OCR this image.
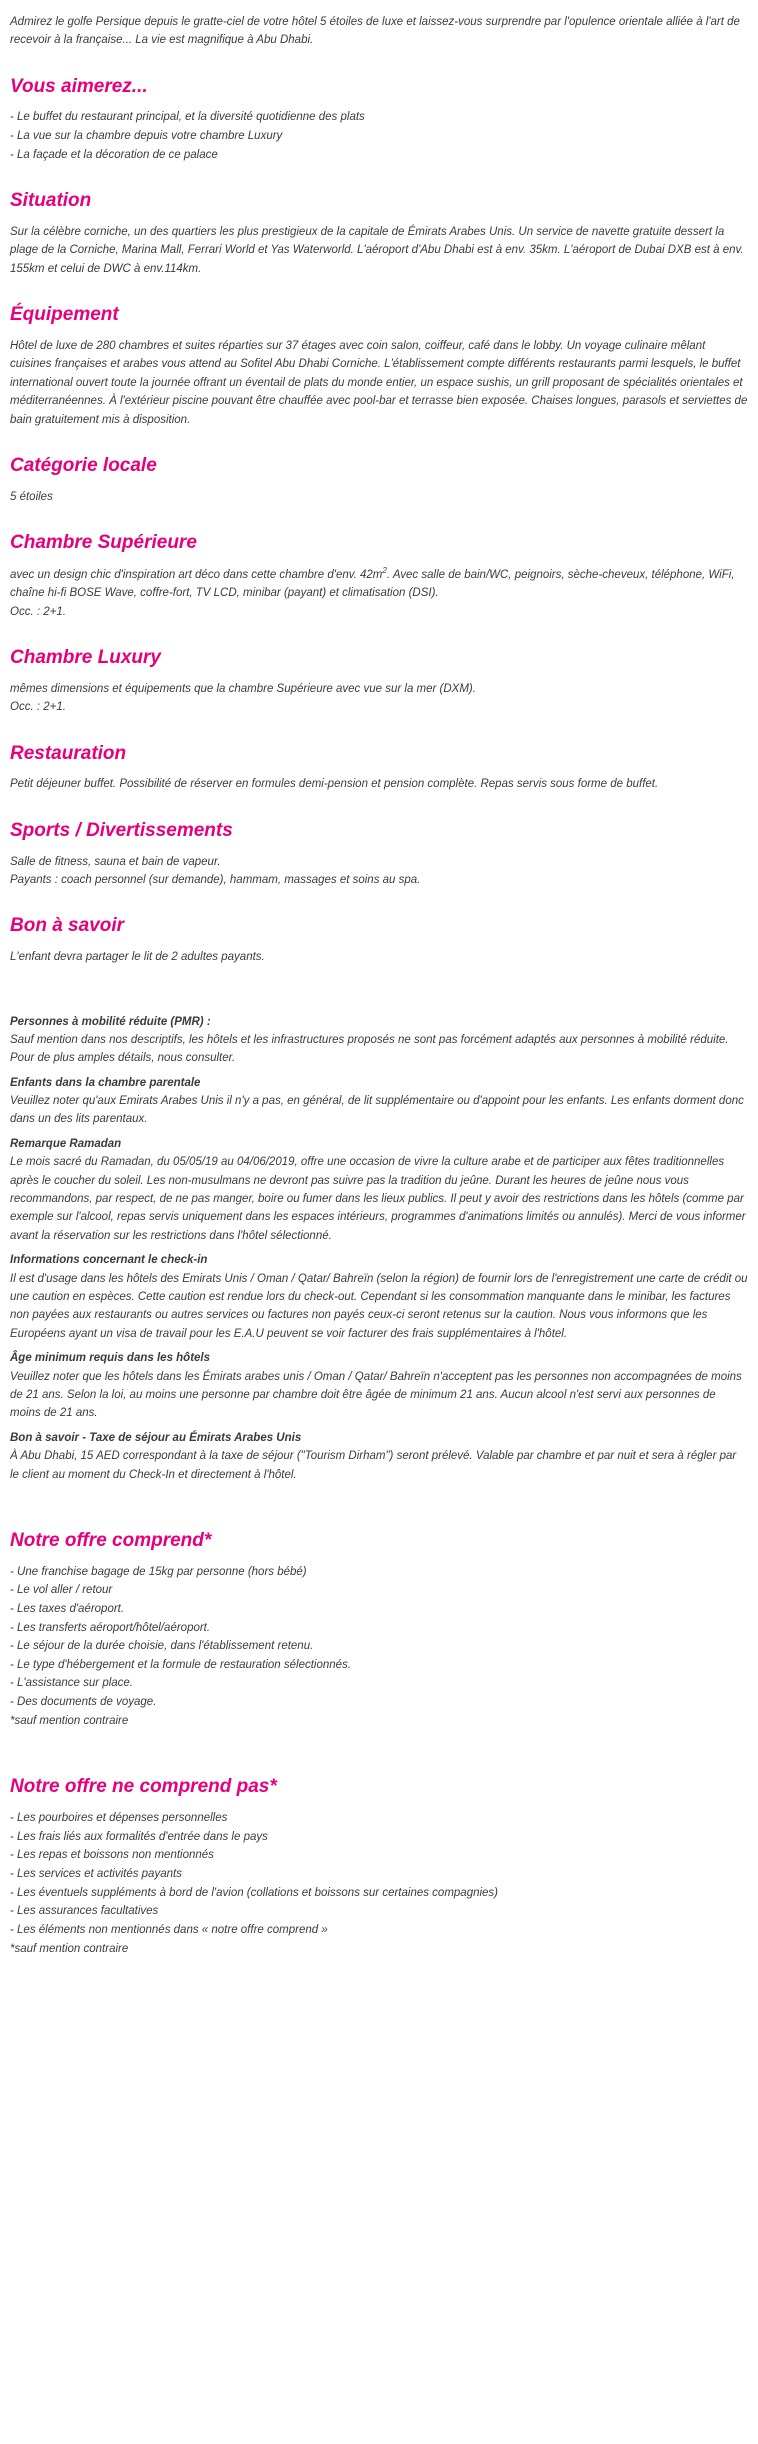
Admirez le golfe Persique depuis le gratte-ciel de votre hôtel 5 étoiles de luxe et laissez-vous surprendre par l'opulence orientale alliée à l'art de recevoir à la française... La vie est magnifique à Abu Dhabi.

Vous aimerez...
- Le buffet du restaurant principal, et la diversité quotidienne des plats
- La vue sur la chambre depuis votre chambre Luxury
- La façade et la décoration de ce palace
Situation

Sur la célèbre corniche, un des quartiers les plus prestigieux de la capitale de Émirats Arabes Unis. Un service de navette gratuite dessert la plage de la Corniche, Marina Mall, Ferrari World et Yas Waterworld. L'aéroport d'Abu Dhabi est à env. 35km. L'aéroport de Dubai DXB est à env. 155km et celui de DWC à env.114km.

Équipement

Hôtel de luxe de 280 chambres et suites réparties sur 37 étages avec coin salon, coiffeur, café dans le lobby. Un voyage culinaire mêlant cuisines françaises et arabes vous attend au Sofitel Abu Dhabi Corniche. L'établissement compte différents restaurants parmi lesquels, le buffet international ouvert toute la journée offrant un éventail de plats du monde entier, un espace sushis, un grill proposant de spécialités orientales et méditerranéennes. À l'extérieur piscine pouvant être chauffée avec pool-bar et terrasse bien exposée. Chaises longues, parasols et serviettes de bain gratuitement mis à disposition.

Catégorie locale

5 étoiles

Chambre Supérieure

avec un design chic d'inspiration art déco dans cette chambre d'env. $42m^2$. Avec salle de bain/WC, peignoirs, sèche-cheveux, téléphone, WiFi, chaîne hi-fi BOSE Wave, coffre-fort, TV LCD, minibar (payant) et climatisation (DSI).

Occ. : 2+1.

Chambre Luxury

mêmes dimensions et équipements que la chambre Supérieure avec vue sur la mer (DXM).

Occ. : 2+1.

Restauration

Petit déjeuner buffet. Possibilité de réserver en formules demi-pension et pension complète. Repas servis sous forme de buffet.

Sports / Divertissements

Salle de fitness, sauna et bain de vapeur.

Payants : coach personnel (sur demande), hammam, massages et soins au spa.

Bon à savoir

L'enfant devra partager le lit de 2 adultes payants.

Personnes à mobilité réduite (PMR) :
Sauf mention dans nos descriptifs, les hôtels et les infrastructures proposés ne sont pas forcément adaptés aux personnes à mobilité réduite. Pour de plus amples détails, nous consulter.
Enfants dans la chambre parentale
Veuillez noter qu'aux Emirats Arabes Unis il n'y a pas, en général, de lit supplémentaire ou d'appoint pour les enfants. Les enfants dorment donc dans un des lits parentaux.
Remarque Ramadan
Le mois sacré du Ramadan, du 05/05/19 au 04/06/2019, offre une occasion de vivre la culture arabe et de participer aux fêtes traditionnelles après le coucher du soleil. Les non-musulmans ne devront pas suivre pas la tradition du jeûne. Durant les heures de jeûne nous vous recommandons, par respect, de ne pas manger, boire ou fumer dans les lieux publics. Il peut y avoir des restrictions dans les hôtels (comme par exemple sur l'alcool, repas servis uniquement dans les espaces intérieurs, programmes d'animations limités ou annulés). Merci de vous informer avant la réservation sur les restrictions dans l'hôtel sélectionné.
Informations concernant le check-in
Il est d'usage dans les hôtels des Emirats Unis / Oman / Qatar/ Bahreïn (selon la région) de fournir lors de l'enregistrement une carte de crédit ou une caution en espèces. Cette caution est rendue lors du check-out. Cependant si les consommation manquante dans le minibar, les factures non payées aux restaurants ou autres services ou factures non payés ceux-ci seront retenus sur la caution. Nous vous informons que les Européens ayant un visa de travail pour les E.A.U peuvent se voir facturer des frais supplémentaires à l'hôtel.
Âge minimum requis dans les hôtels
Veuillez noter que les hôtels dans les Émirats arabes unis / Oman / Qatar/ Bahreïn n'acceptent pas les personnes non accompagnées de moins de 21 ans. Selon la loi, au moins une personne par chambre doit être âgée de minimum 21 ans. Aucun alcool n'est servi aux personnes de moins de 21 ans.
Bon à savoir - Taxe de séjour au Émirats Arabes Unis
À Abu Dhabi, 15 AED correspondant à la taxe de séjour ("Tourism Dirham") seront prélevé. Valable par chambre et par nuit et sera à régler par le client au moment du Check-In et directement à l'hôtel.
Notre offre comprend*
- Une franchise bagage de 15kg par personne (hors bébé)
- Le vol aller / retour
- Les taxes d'aéroport.
- Les transferts aéroport/hôtel/aéroport.
- Le séjour de la durée choisie, dans l'établissement retenu.
- Le type d'hébergement et la formule de restauration sélectionnés.
- L'assistance sur place.
- Des documents de voyage.
*sauf mention contraire
Notre offre ne comprend pas*
- Les pourboires et dépenses personnelles
- Les frais liés aux formalités d'entrée dans le pays
- Les repas et boissons non mentionnés
- Les services et activités payants
- Les éventuels suppléments à bord de l'avion (collations et boissons sur certaines compagnies)
- Les assurances facultatives
- Les éléments non mentionnés dans « notre offre comprend »
*sauf mention contraire
